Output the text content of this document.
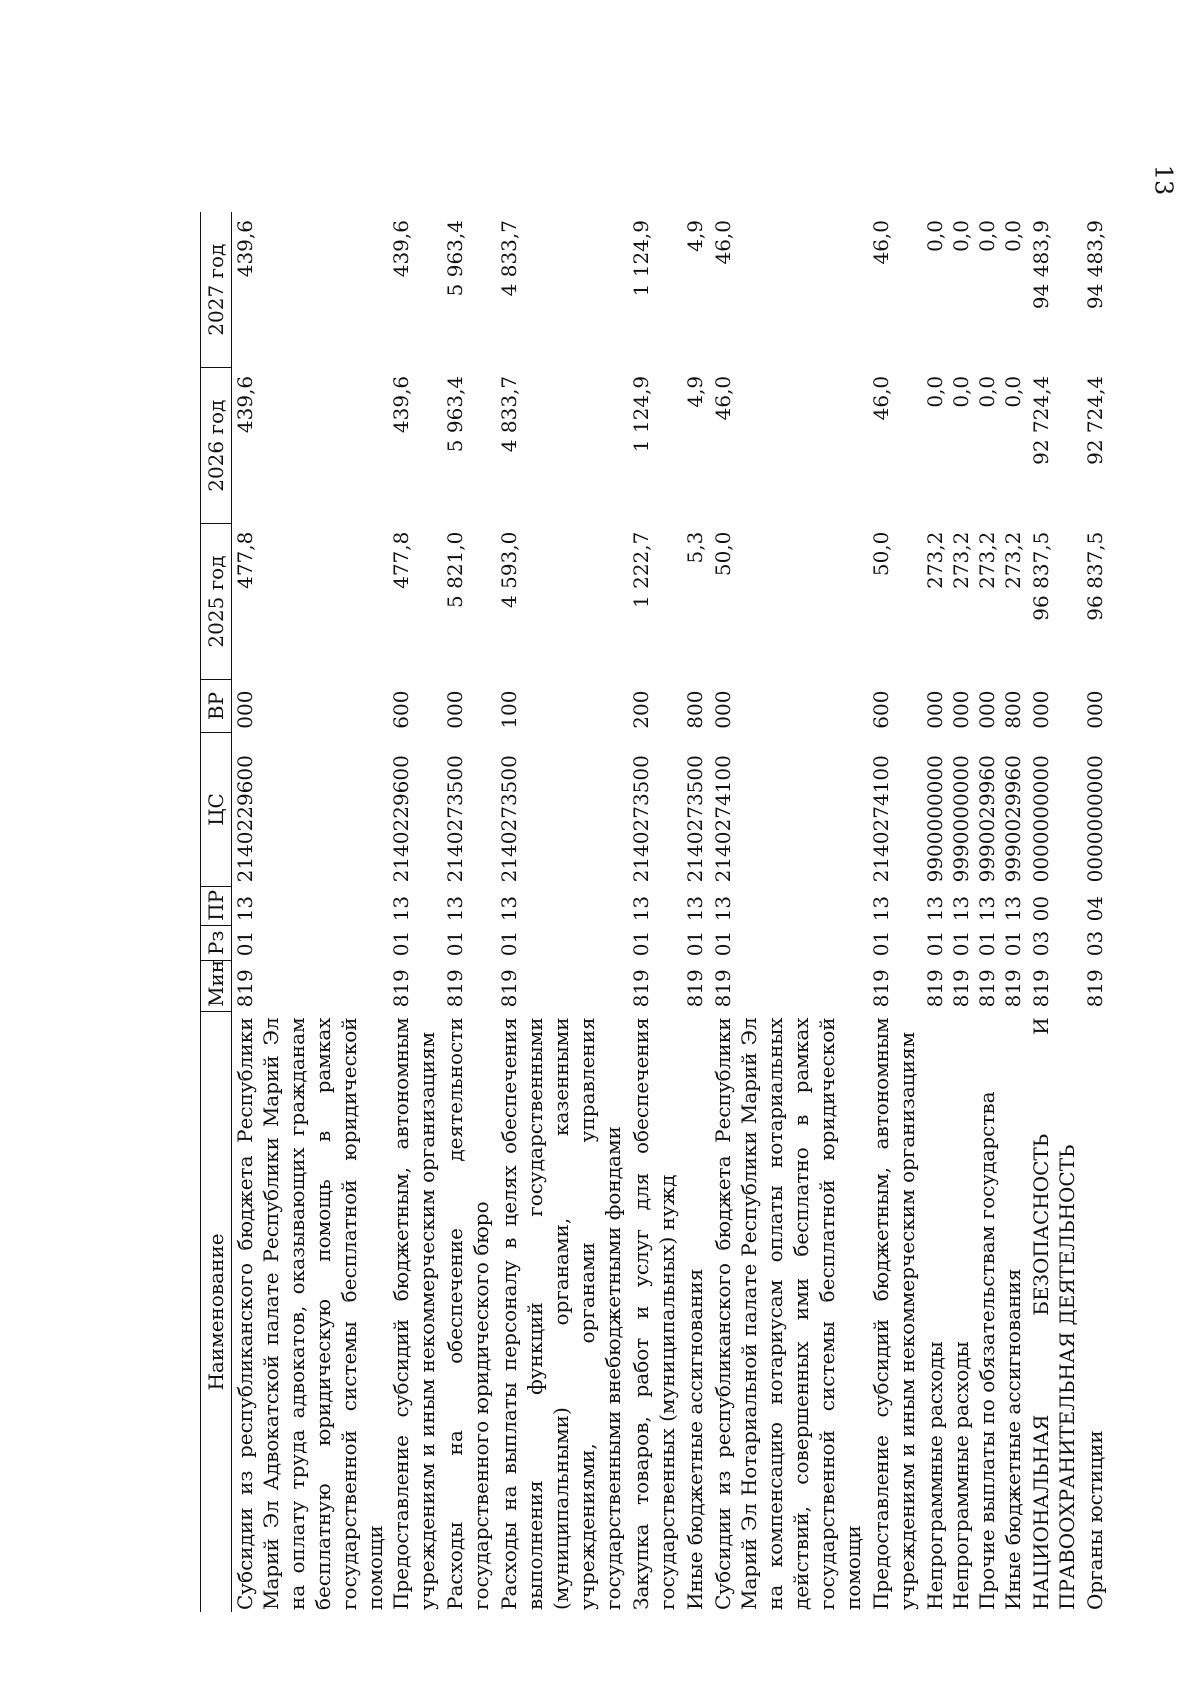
13
Наименование	Мин	Рз	ПР	ЦС	ВР	2025 год	2026 год	2027 год
Субсидии из республиканского бюджета Республики Марий Эл Адвокатской палате Республики Марий Эл на оплату труда адвокатов, оказывающих гражданам бесплатную юридическую помощь в рамках государственной системы бесплатной юридической помощи	819	01	13	2140229600	000	477,8	439,6	439,6
Предоставление субсидий бюджетным, автономным учреждениям и иным некоммерческим организациям	819	01	13	2140229600	600	477,8	439,6	439,6
Расходы на обеспечение деятельности государственного юридического бюро	819	01	13	2140273500	000	5 821,0	5 963,4	5 963,4
Расходы на выплаты персоналу в целях обеспечения выполнения функций государственными (муниципальными) органами, казенными учреждениями, органами управления государственными внебюджетными фондами	819	01	13	2140273500	100	4 593,0	4 833,7	4 833,7
Закупка товаров, работ и услуг для обеспечения государственных (муниципальных) нужд	819	01	13	2140273500	200	1 222,7	1 124,9	1 124,9
Иные бюджетные ассигнования	819	01	13	2140273500	800	5,3	4,9	4,9
Субсидии из республиканского бюджета Республики Марий Эл Нотариальной палате Республики Марий Эл на компенсацию нотариусам оплаты нотариальных действий, совершенных ими бесплатно в рамках государственной системы бесплатной юридической помощи	819	01	13	2140274100	000	50,0	46,0	46,0
Предоставление субсидий бюджетным, автономным учреждениям и иным некоммерческим организациям	819	01	13	2140274100	600	50,0	46,0	46,0
Непрограммные расходы	819	01	13	9900000000	000	273,2	0,0	0,0
Непрограммные расходы	819	01	13	9990000000	000	273,2	0,0	0,0
Прочие выплаты по обязательствам государства	819	01	13	9990029960	000	273,2	0,0	0,0
Иные бюджетные ассигнования	819	01	13	9990029960	800	273,2	0,0	0,0
НАЦИОНАЛЬНАЯ БЕЗОПАСНОСТЬ И ПРАВООХРАНИТЕЛЬНАЯ ДЕЯТЕЛЬНОСТЬ	819	03	00	0000000000	000	96 837,5	92 724,4	94 483,9
Органы юстиции	819	03	04	0000000000	000	96 837,5	92 724,4	94 483,9
